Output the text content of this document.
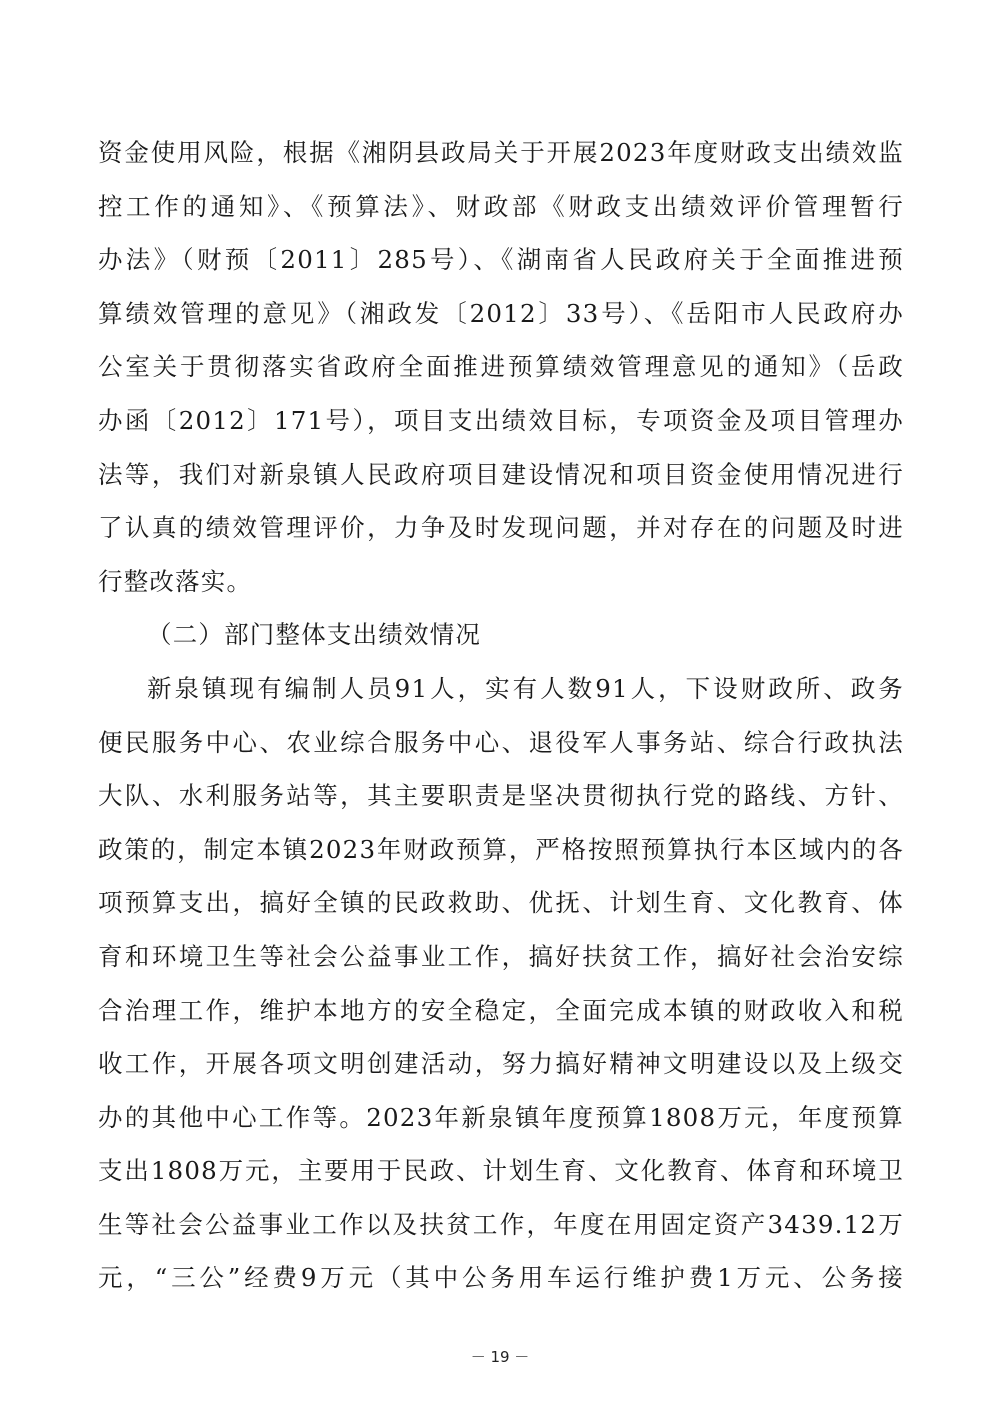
资金使用风险，根据《湘阴县政局关于开展2023年度财政支出绩效监
控工作的通知》、《预算法》、财政部《财政支出绩效评价管理暂行
办法》（财预〔2011〕285号）、《湖南省人民政府关于全面推进预
算绩效管理的意见》（湘政发〔2012〕33号）、《岳阳市人民政府办
公室关于贯彻落实省政府全面推进预算绩效管理意见的通知》（岳政
办函〔2012〕171号），项目支出绩效目标，专项资金及项目管理办
法等，我们对新泉镇人民政府项目建设情况和项目资金使用情况进行
了认真的绩效管理评价，力争及时发现问题，并对存在的问题及时进
行整改落实。

（二）部门整体支出绩效情况

新泉镇现有编制人员91人，实有人数91人，下设财政所、政务
便民服务中心、农业综合服务中心、退役军人事务站、综合行政执法
大队、水利服务站等，其主要职责是坚决贯彻执行党的路线、方针、
政策的，制定本镇2023年财政预算，严格按照预算执行本区域内的各
项预算支出，搞好全镇的民政救助、优抚、计划生育、文化教育、体
育和环境卫生等社会公益事业工作，搞好扶贫工作，搞好社会治安综
合治理工作，维护本地方的安全稳定，全面完成本镇的财政收入和税
收工作，开展各项文明创建活动，努力搞好精神文明建设以及上级交
办的其他中心工作等。2023年新泉镇年度预算1808万元，年度预算
支出1808万元，主要用于民政、计划生育、文化教育、体育和环境卫
生等社会公益事业工作以及扶贫工作，年度在用固定资产3439.12万
元，“三公”经费9万元（其中公务用车运行维护费1万元、公务接

－ 19 －
